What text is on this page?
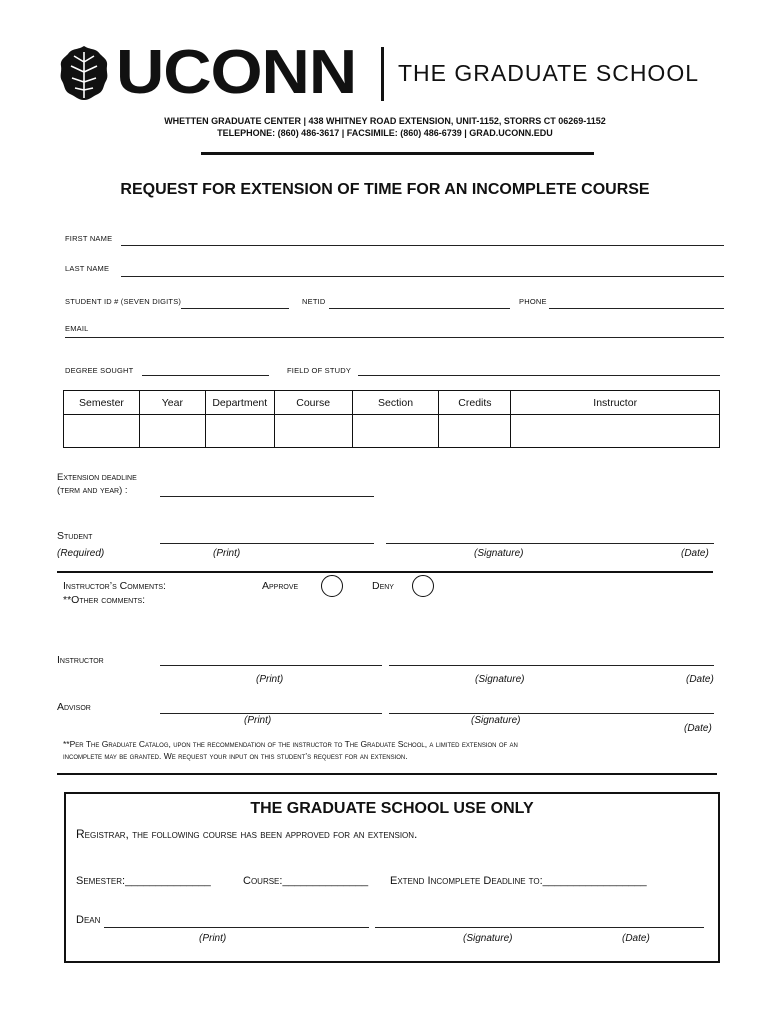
UCONN THE GRADUATE SCHOOL
WHETTEN GRADUATE CENTER | 438 WHITNEY ROAD EXTENSION, UNIT-1152, STORRS CT 06269-1152
TELEPHONE: (860) 486-3617 | FACSIMILE: (860) 486-6739 | GRAD.UCONN.EDU
REQUEST FOR EXTENSION OF TIME FOR AN INCOMPLETE COURSE
FIRST NAME
LAST NAME
STUDENT ID # (SEVEN DIGITS)	NETID	PHONE
EMAIL
DEGREE SOUGHT	FIELD OF STUDY
Semester	Year	Department	Course	Section	Credits	Instructor

Extension deadline
(term and year) :
Student
(Required)	(Print)	(Signature)	(Date)
Instructor’s Comments:
**Other comments:
Approve	Deny
Instructor
(Print)	(Signature)	(Date)
Advisor
(Print)	(Signature)
(Date)
**Per The Graduate Catalog, upon the recommendation of the instructor to The Graduate School, a limited extension of an
incomplete may be granted. We request your input on this student’s request for an extension.
THE GRADUATE SCHOOL USE ONLY
Registrar, the following course has been approved for an extension.
Semester:______________	Course:______________ Extend Incomplete Deadline to:_________________
Dean
(Print)	(Signature)	(Date)
